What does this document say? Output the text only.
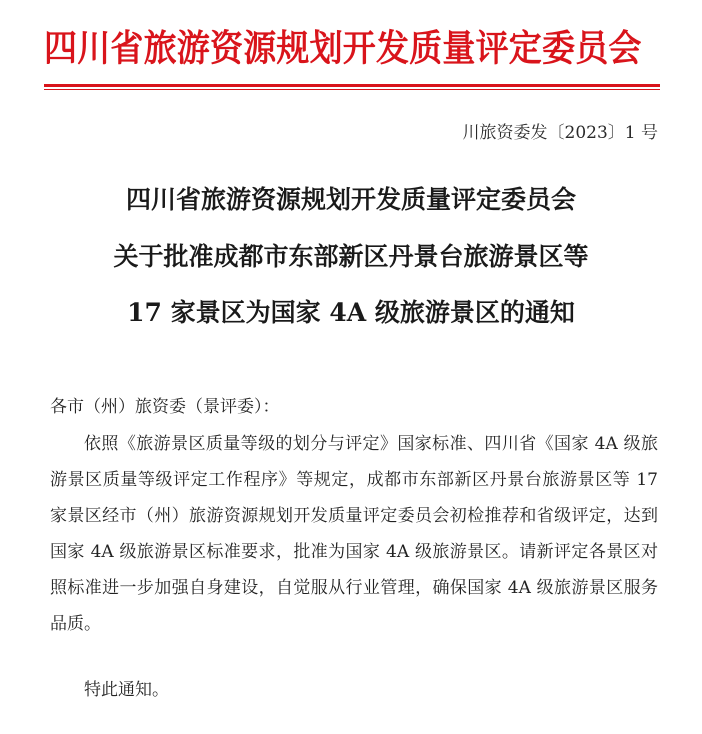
四川省旅游资源规划开发质量评定委员会
川旅资委发〔2023〕1 号
四川省旅游资源规划开发质量评定委员会
关于批准成都市东部新区丹景台旅游景区等
17 家景区为国家 4A 级旅游景区的通知
各市（州）旅资委（景评委）：

依照《旅游景区质量等级的划分与评定》国家标准、四川省《国家 4A 级旅游景区质量等级评定工作程序》等规定，成都市东部新区丹景台旅游景区等 17 家景区经市（州）旅游资源规划开发质量评定委员会初检推荐和省级评定，达到国家 4A 级旅游景区标准要求，批准为国家 4A 级旅游景区。请新评定各景区对照标准进一步加强自身建设，自觉服从行业管理，确保国家 4A 级旅游景区服务品质。

特此通知。
